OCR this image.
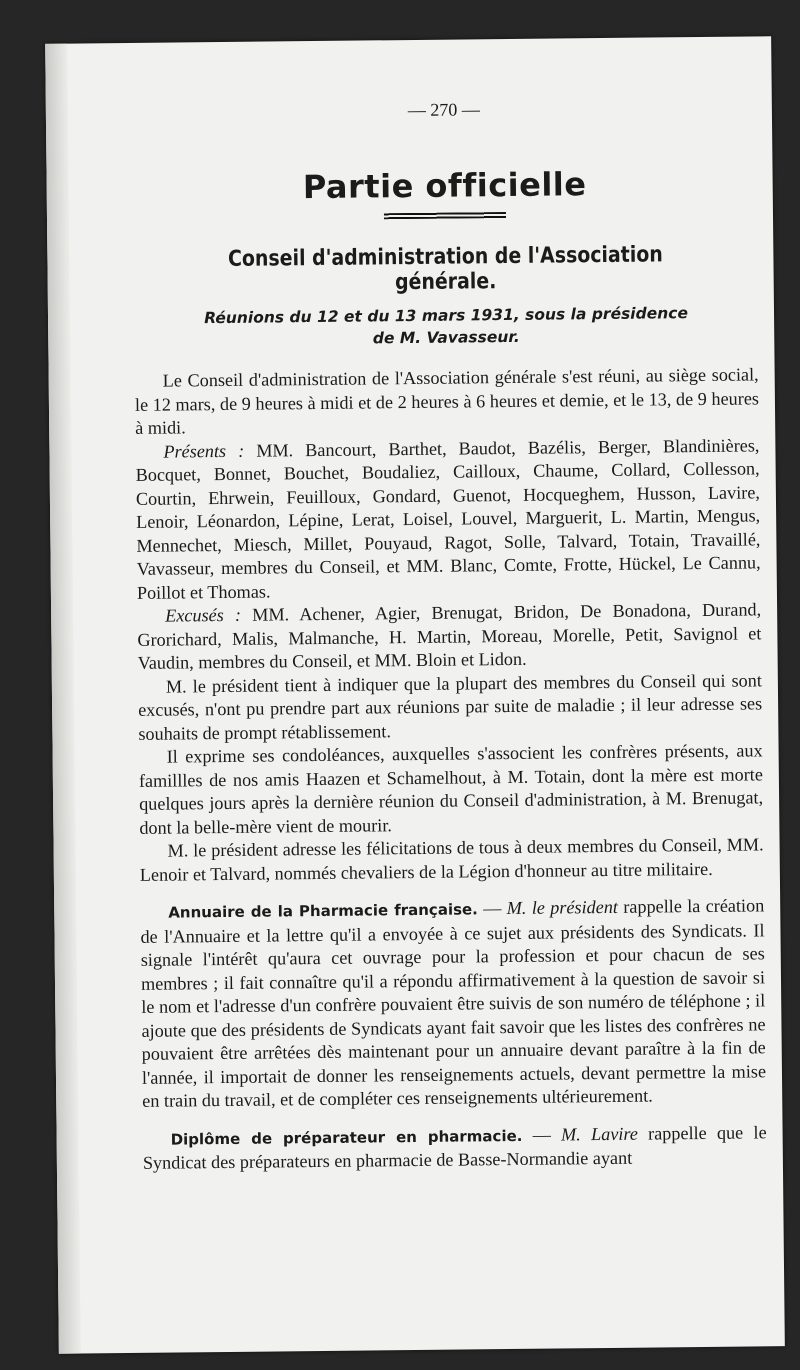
— 270 —
Partie officielle
Conseil d'administration de l'Association générale.
Réunions du 12 et du 13 mars 1931, sous la présidence
de M. Vavasseur.

Le Conseil d'administration de l'Association générale s'est réuni, au siège social, le 12 mars, de 9 heures à midi et de 2 heures à 6 heures et demie, et le 13, de 9 heures à midi.

Présents : MM. Bancourt, Barthet, Baudot, Bazélis, Berger, Blandinières, Bocquet, Bonnet, Bouchet, Boudaliez, Cailloux, Chaume, Collard, Collesson, Courtin, Ehrwein, Feuilloux, Gondard, Guenot, Hocqueghem, Husson, Lavire, Lenoir, Léonardon, Lépine, Lerat, Loisel, Louvel, Marguerit, L. Martin, Mengus, Mennechet, Miesch, Millet, Pouyaud, Ragot, Solle, Talvard, Totain, Travaillé, Vavasseur, membres du Conseil, et MM. Blanc, Comte, Frotte, Hückel, Le Cannu, Poillot et Thomas.

Excusés : MM. Achener, Agier, Brenugat, Bridon, De Bonadona, Durand, Grorichard, Malis, Malmanche, H. Martin, Moreau, Morelle, Petit, Savignol et Vaudin, membres du Conseil, et MM. Bloin et Lidon.

M. le président tient à indiquer que la plupart des membres du Conseil qui sont excusés, n'ont pu prendre part aux réunions par suite de maladie ; il leur adresse ses souhaits de prompt rétablissement.

Il exprime ses condoléances, auxquelles s'associent les confrères présents, aux famillles de nos amis Haazen et Schamelhout, à M. Totain, dont la mère est morte quelques jours après la dernière réunion du Conseil d'administration, à M. Brenugat, dont la belle-mère vient de mourir.

M. le président adresse les félicitations de tous à deux membres du Conseil, MM. Lenoir et Talvard, nommés chevaliers de la Légion d'honneur au titre militaire.

Annuaire de la Pharmacie française. — M. le président rappelle la création de l'Annuaire et la lettre qu'il a envoyée à ce sujet aux présidents des Syndicats. Il signale l'intérêt qu'aura cet ouvrage pour la profession et pour chacun de ses membres ; il fait connaître qu'il a répondu affirmativement à la question de savoir si le nom et l'adresse d'un confrère pouvaient être suivis de son numéro de téléphone ; il ajoute que des présidents de Syndicats ayant fait savoir que les listes des confrères ne pouvaient être arrêtées dès maintenant pour un annuaire devant paraître à la fin de l'année, il importait de donner les renseignements actuels, devant permettre la mise en train du travail, et de compléter ces renseignements ultérieurement.

Diplôme de préparateur en pharmacie. — M. Lavire rappelle que le Syndicat des préparateurs en pharmacie de Basse-Normandie ayant
